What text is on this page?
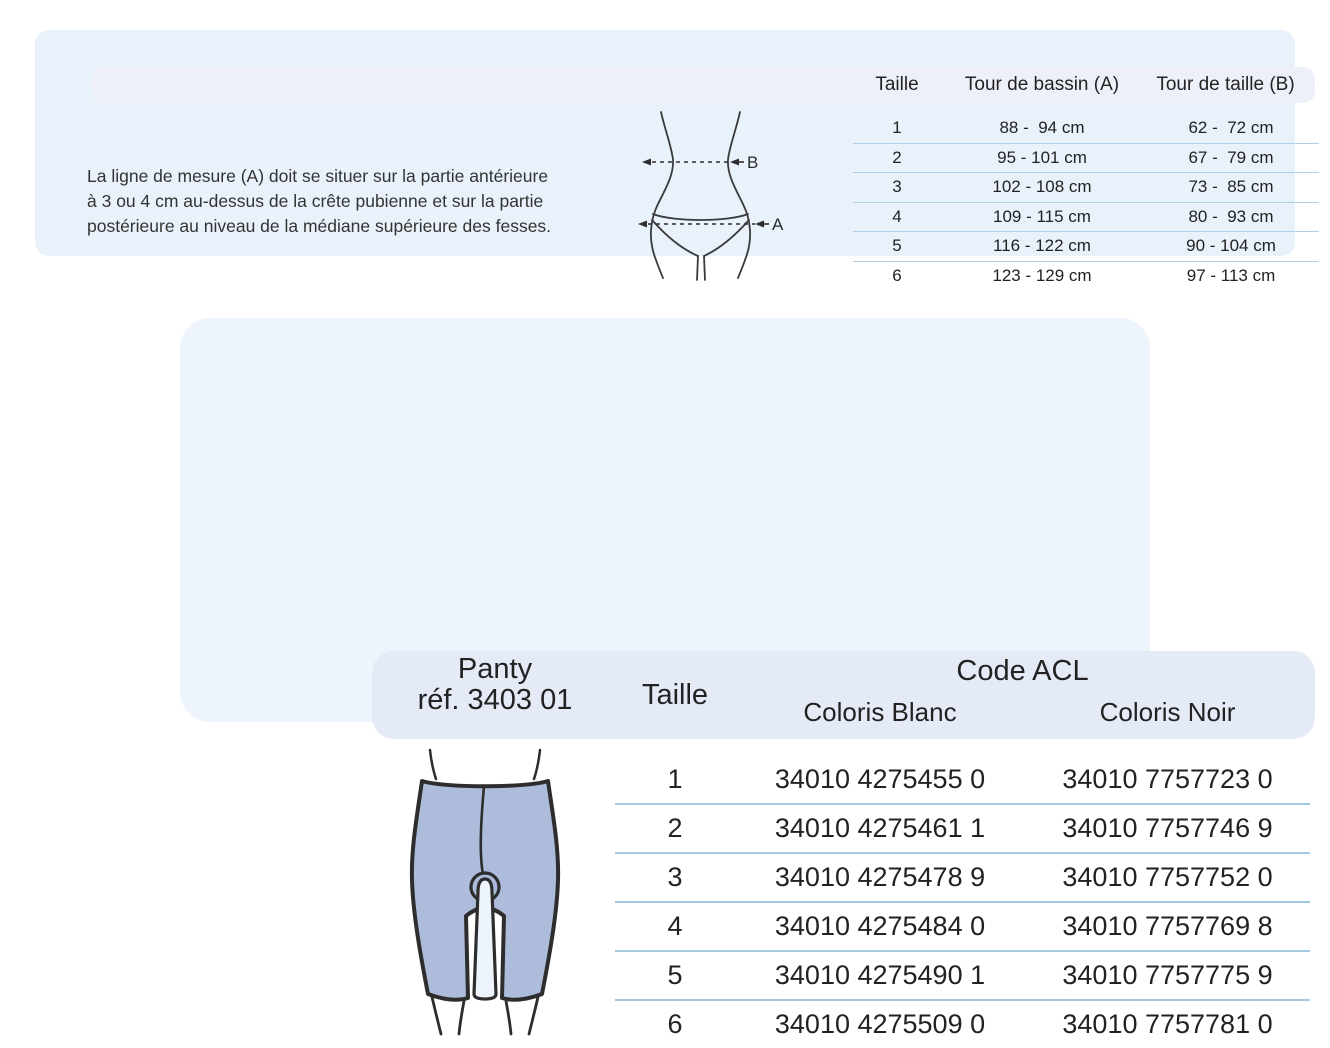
Taille	Tour de bassin (A)	Tour de taille (B)
La ligne de mesure (A) doit se situer sur la partie antérieure
à 3 ou 4 cm au-dessus de la crête pubienne et sur la partie
postérieure au niveau de la médiane supérieure des fesses.
B
A
1	88 -  94 cm	62 -  72 cm
2	95 - 101 cm	67 -  79 cm
3	102 - 108 cm	73 -  85 cm
4	109 - 115 cm	80 -  93 cm
5	116 - 122 cm	90 - 104 cm
6	123 - 129 cm	97 - 113 cm
Panty
réf. 3403 01	Taille
Code ACL
Coloris Blanc	Coloris Noir
1	34010 4275455 0	34010 7757723 0
2	34010 4275461 1	34010 7757746 9
3	34010 4275478 9	34010 7757752 0
4	34010 4275484 0	34010 7757769 8
5	34010 4275490 1	34010 7757775 9
6	34010 4275509 0	34010 7757781 0
